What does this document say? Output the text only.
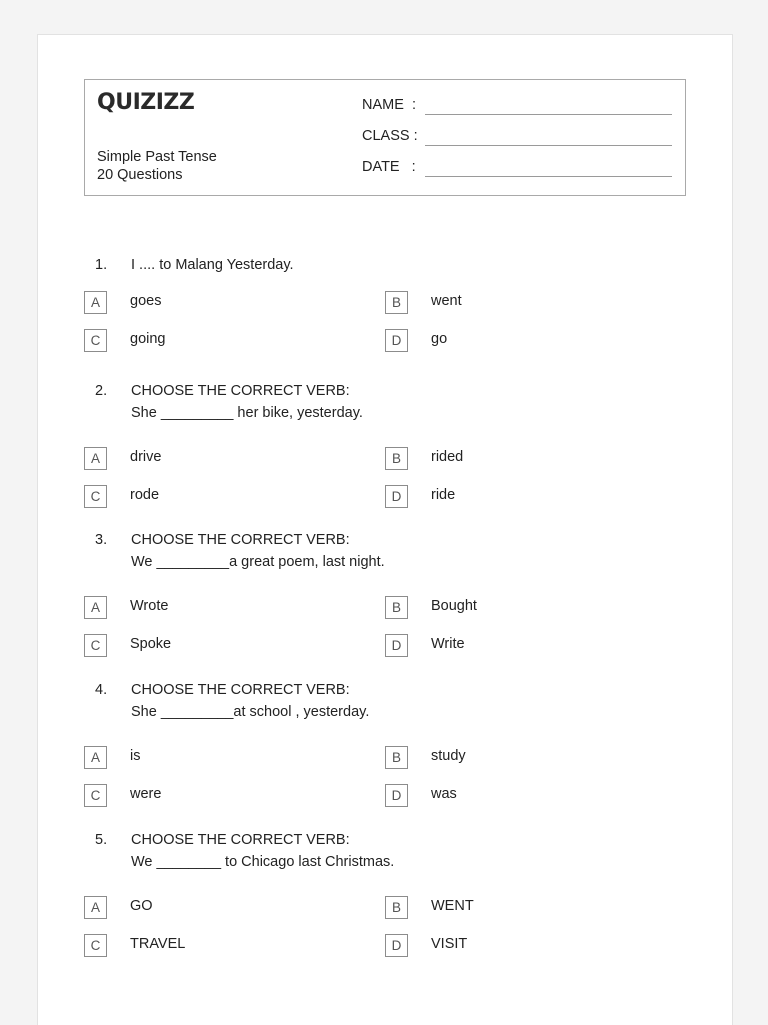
QUIZIZZ
Simple Past Tense
20 Questions
NAME  :
CLASS :
DATE   :
1. I .... to Malang Yesterday.
A	goes	B	went
C	going	D	go
2. CHOOSE THE CORRECT VERB:
She _________ her bike, yesterday.
A	drive	B	rided
C	rode	D	ride
3. CHOOSE THE CORRECT VERB:
We _________a great poem, last night.
A	Wrote	B	Bought
C	Spoke	D	Write
4. CHOOSE THE CORRECT VERB:
She _________at school , yesterday.
A	is	B	study
C	were	D	was
5. CHOOSE THE CORRECT VERB:
We ________ to Chicago last Christmas.
A	GO	B	WENT
C	TRAVEL	D	VISIT
